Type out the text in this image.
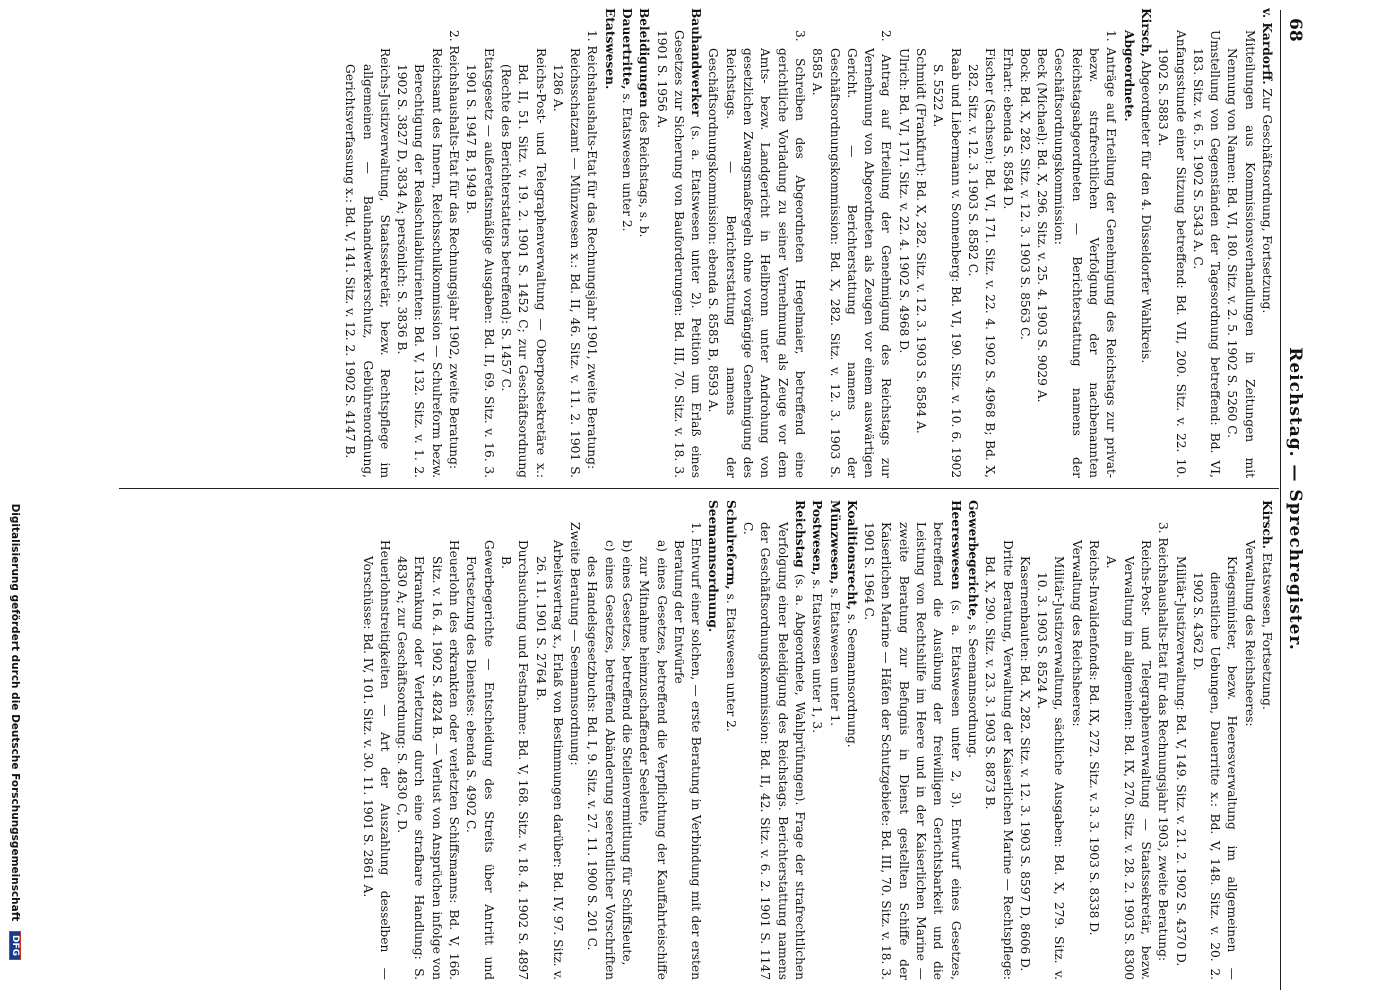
68
Reichstag. — Sprechregister.

v. Kardorff. Zur Geschäftsordnung, Fortsetzung.

Mitteilungen aus Kommissionsverhandlungen in Zeitungen mit Nennung von Namen: Bd. VI, 180. Sitz. v. 2. 5. 1902 S. 5260 C.

Umstellung von Gegenständen der Tagesordnung betreffend: Bd. VI, 183. Sitz. v. 6. 5. 1902 S. 5343 A. C.

Anfangsstunde einer Sitzung betreffend: Bd. VII, 200. Sitz. v. 22. 10. 1902 S. 5883 A.

Kirsch, Abgeordneter für den 4. Düsseldorfer Wahlkreis.

Abgeordnete.

1. Anträge auf Erteilung der Genehmigung des Reichstags zur privat- bezw. strafrechtlichen Verfolgung der nachbenannten Reichstagsabgeordneten — Berichterstattung namens der Geschäftsordnungskommission:

Beck (Michael): Bd. X, 296. Sitz. v. 25. 4. 1903 S. 9029 A.

Bock: Bd. X, 282. Sitz. v. 12. 3. 1903 S. 8563 C.

Erhart: ebenda S. 8584 D.

Fischer (Sachsen): Bd. VI, 171. Sitz. v. 22. 4. 1902 S. 4968 B; Bd. X, 282. Sitz. v. 12. 3. 1903 S. 8582 C.

Raab und Liebermann v. Sonnenberg: Bd. VI, 190. Sitz. v. 10. 6. 1902 S. 5522 A.

Schmidt (Frankfurt): Bd. X, 282. Sitz. v. 12. 3. 1903 S. 8584 A.

Ulrich: Bd. VI, 171. Sitz. v. 22. 4. 1902 S. 4968 D.

2. Antrag auf Erteilung der Genehmigung des Reichstags zur Vernehmung von Abgeordneten als Zeugen vor einem auswärtigen Gericht. — Berichterstattung namens der Geschäftsordnungskommission: Bd. X, 282. Sitz. v. 12. 3. 1903 S. 8585 A.

3. Schreiben des Abgeordneten Hegelmaier, betreffend eine gerichtliche Vorladung zu seiner Vernehmung als Zeuge vor dem Amts- bezw. Landgericht in Heilbronn unter Androhung von gesetzlichen Zwangsmaßregeln ohne vorgängige Genehmigung des Reichstags. — Berichterstattung namens der Geschäftsordnungskommission: ebenda S. 8585 B, 8593 A.

Bauhandwerker (s. a. Etatswesen unter 2). Petition um Erlaß eines Gesetzes zur Sicherung von Bauforderungen: Bd. III, 70. Sitz. v. 18. 3. 1901 S. 1956 A.

Beleidigungen des Reichstags, s. b.

Dauertritte, s. Etatswesen unter 2.

Etatswesen.

1. Reichshaushalts-Etat für das Rechnungsjahr 1901, zweite Beratung:

Reichsschatzamt — Münzwesen x.: Bd. II, 46. Sitz. v. 11. 2. 1901 S. 1286 A.

Reichs-Post- und Telegraphenverwaltung — Oberpostsekretäre x.: Bd. II, 51. Sitz. v. 19. 2. 1901 S. 1452 C; zur Geschäftsordnung (Rechte des Berichterstatters betreffend): S. 1457 C.

Etatsgesetz — außeretatsmäßige Ausgaben: Bd. II, 69. Sitz. v. 16. 3. 1901 S. 1947 B, 1949 B.

2. Reichshaushalts-Etat für das Rechnungsjahr 1902, zweite Beratung:

Reichsamt des Innern, Reichsschulkommission — Schulreform bezw. Berechtigung der Realschulabiturienten: Bd. V, 132. Sitz. v. 1. 2. 1902 S. 3827 D, 3834 A; persönlich: S. 3836 B.

Reichs-Justizverwaltung, Staatssekretär, bezw. Rechtspflege im allgemeinen — Bauhandwerkerschutz, Gebührenordnung, Gerichtsverfassung x.: Bd. V, 141. Sitz. v. 12. 2. 1902 S. 4147 B.

Kirsch. Etatswesen, Fortsetzung.

Verwaltung des Reichsheeres:

Kriegsminister, bezw. Heeresverwaltung im allgemeinen — dienstliche Uebungen, Dauerritte x.: Bd. V, 148. Sitz. v. 20. 2. 1902 S. 4362 D.

Militär-Justizverwaltung: Bd. V, 149. Sitz. v. 21. 2. 1902 S. 4370 D.

3. Reichshaushalts-Etat für das Rechnungsjahr 1903, zweite Beratung:

Reichs-Post- und Telegraphenverwaltung — Staatssekretär, bezw. Verwaltung im allgemeinen: Bd. IX, 270. Sitz. v. 28. 2. 1903 S. 8300 A.

Reichs-Invalidenfonds: Bd. IX, 272. Sitz. v. 3. 3. 1903 S. 8338 D.

Verwaltung des Reichsheeres:

Militär-Justizverwaltung, sächliche Ausgaben: Bd. X, 279. Sitz. v. 10. 3. 1903 S. 8524 A.

Kasernenbauten: Bd. X, 282. Sitz. v. 12. 3. 1903 S. 8597 D, 8606 D.

Dritte Beratung, Verwaltung der Kaiserlichen Marine — Rechtspflege: Bd. X, 290. Sitz. v. 23. 3. 1903 S. 8873 B.

Gewerbegerichte, s. Seemannsordnung.

Heereswesen (s. a. Etatswesen unter 2, 3). Entwurf eines Gesetzes, betreffend die Ausübung der freiwilligen Gerichtsbarkeit und die Leistung von Rechtshilfe im Heere und in der Kaiserlichen Marine — zweite Beratung zur Befugnis in Dienst gestellten Schiffe der Kaiserlichen Marine — Häfen der Schutzgebiete: Bd. III, 70. Sitz. v. 18. 3. 1901 S. 1964 C.

Koalitionsrecht, s. Seemannsordnung.

Münzwesen, s. Etatswesen unter 1.

Postwesen, s. Etatswesen unter 1, 3.

Reichstag (s. a. Abgeordnete, Wahlprüfungen). Frage der strafrechtlichen Verfolgung einer Beleidigung des Reichstags. Berichterstattung namens der Geschäftsordnungskommission: Bd. II, 42. Sitz. v. 6. 2. 1901 S. 1147 C.

Schulreform, s. Etatswesen unter 2.

Seemannsordnung.

1. Entwurf einer solchen, — erste Beratung in Verbindung mit der ersten Beratung der Entwürfe

a) eines Gesetzes, betreffend die Verpflichtung der Kauffahrteischiffe zur Mitnahme heimzuschaffender Seeleute,

b) eines Gesetzes, betreffend die Stellenvermittlung für Schiffsleute,

c) eines Gesetzes, betreffend Abänderung seerechtlicher Vorschriften des Handelsgesetzbuchs: Bd. I, 9. Sitz. v. 27. 11. 1900 S. 201 C.

Zweite Beratung — Seemannsordnung:

Arbeitsvertrag x., Erlaß von Bestimmungen darüber: Bd. IV, 97. Sitz. v. 26. 11. 1901 S. 2764 B.

Durchsuchung und Festnahme: Bd. V, 168. Sitz. v. 18. 4. 1902 S. 4897 B.

Gewerbegerichte — Entscheidung des Streits über Antritt und Fortsetzung des Dienstes: ebenda S. 4902 C.

Heuerlohn des erkrankten oder verletzten Schiffsmanns: Bd. V, 166. Sitz. v. 16. 4. 1902 S. 4824 B. — Verlust von Ansprüchen infolge von Erkrankung oder Verletzung durch eine strafbare Handlung: S. 4830 A; zur Geschäftsordnung: S. 4830 C, D.

Heuerlohnstreitigkeiten — Art der Auszahlung desselben — Vorschüsse: Bd. IV, 101. Sitz. v. 30. 11. 1901 S. 2861 A.

Digitalisierung gefördert durch die Deutsche Forschungsgemeinschaft DFG
